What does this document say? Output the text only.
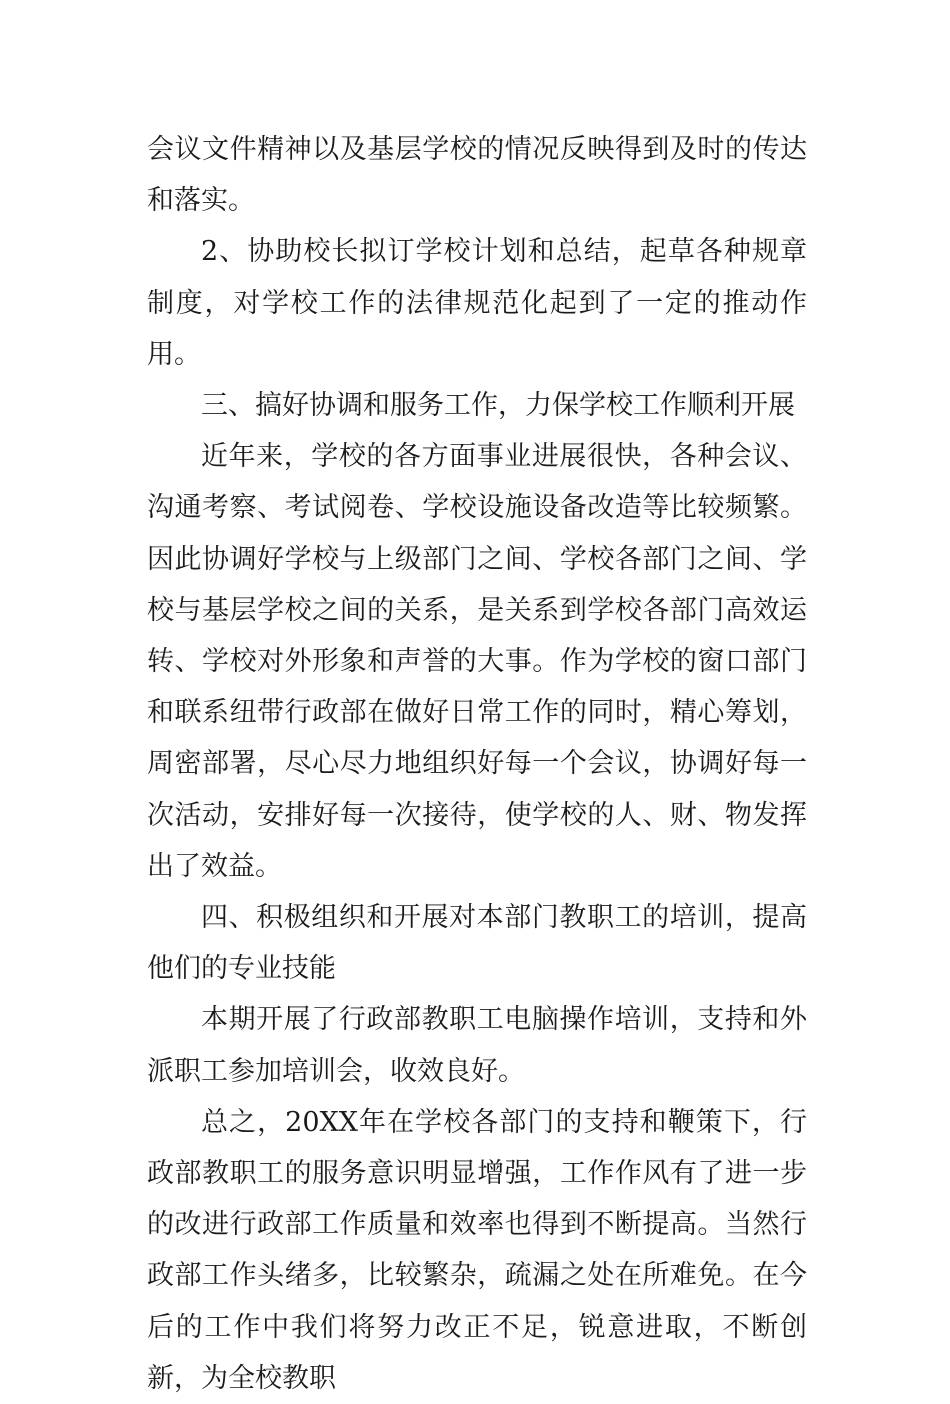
会议文件精神以及基层学校的情况反映得到及时的传达和落实。

2、协助校长拟订学校计划和总结，起草各种规章制度，对学校工作的法律规范化起到了一定的推动作用。

三、搞好协调和服务工作，力保学校工作顺利开展

近年来，学校的各方面事业进展很快，各种会议、沟通考察、考试阅卷、学校设施设备改造等比较频繁。因此协调好学校与上级部门之间、学校各部门之间、学校与基层学校之间的关系，是关系到学校各部门高效运转、学校对外形象和声誉的大事。作为学校的窗口部门和联系纽带行政部在做好日常工作的同时，精心筹划，周密部署，尽心尽力地组织好每一个会议，协调好每一次活动，安排好每一次接待，使学校的人、财、物发挥出了效益。

四、积极组织和开展对本部门教职工的培训，提高他们的专业技能

本期开展了行政部教职工电脑操作培训，支持和外派职工参加培训会，收效良好。

总之，20XX年在学校各部门的支持和鞭策下，行政部教职工的服务意识明显增强，工作作风有了进一步的改进行政部工作质量和效率也得到不断提高。当然行政部工作头绪多，比较繁杂，疏漏之处在所难免。在今后的工作中我们将努力改正不足，锐意进取，不断创新，为全校教职
